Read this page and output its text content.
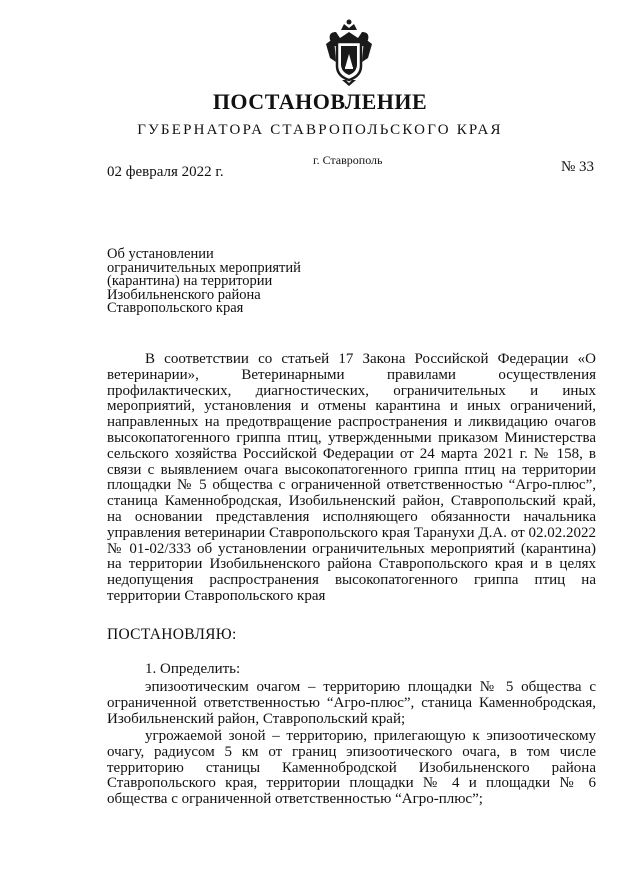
ПОСТАНОВЛЕНИЕ
ГУБЕРНАТОРА СТАВРОПОЛЬСКОГО КРАЯ
г. Ставрополь
02 февраля 2022 г.	№ 33
Об установлении
ограничительных мероприятий
(карантина) на территории
Изобильненского района
Ставропольского края
В соответствии со статьей 17 Закона Российской Федерации «О ветеринарии», Ветеринарными правилами осуществления профилактических, диагностических, ограничительных и иных мероприятий, установления и отмены карантина и иных ограничений, направленных на предотвращение распространения и ликвидацию очагов высокопатогенного гриппа птиц, утвержденными приказом Министерства сельского хозяйства Российской Федерации от 24 марта 2021 г. № 158, в связи с выявлением очага высокопатогенного гриппа птиц на территории площадки № 5 общества с ограниченной ответственностью “Агро-плюс”, станица Каменнобродская, Изобильненский район, Ставропольский край, на основании представления исполняющего обязанности начальника управления ветеринарии Ставропольского края Таранухи Д.А. от 02.02.2022 № 01-02/333 об установлении ограничительных мероприятий (карантина) на территории Изобильненского района Ставропольского края и в целях недопущения распространения высокопатогенного гриппа птиц на территории Ставропольского края
ПОСТАНОВЛЯЮ:
1. Определить:
эпизоотическим очагом – территорию площадки № 5 общества с ограниченной ответственностью “Агро-плюс”, станица Каменнобродская, Изобильненский район, Ставропольский край;
угрожаемой зоной – территорию, прилегающую к эпизоотическому очагу, радиусом 5 км от границ эпизоотического очага, в том числе территорию станицы Каменнобродской Изобильненского района Ставропольского края, территории площадки № 4 и площадки № 6 общества с ограниченной ответственностью “Агро-плюс”;
